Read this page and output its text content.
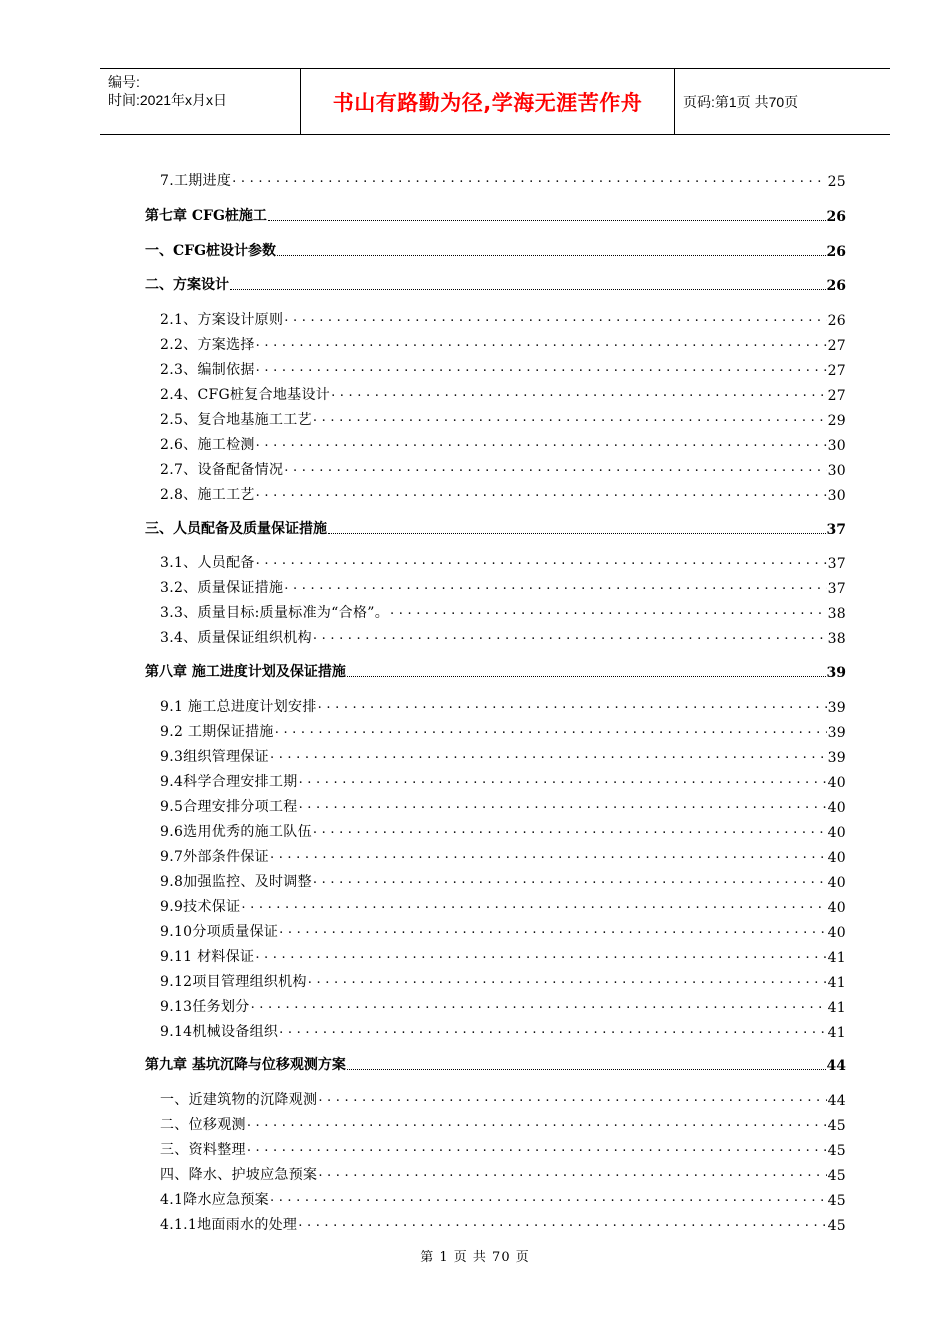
编号:
时间:2021年x月x日	书山有路勤为径,学海无涯苦作舟	页码:第1页 共70页
7.工期进度 .....	25
第七章 CFG桩施工	26
一、CFG桩设计参数	26
二、方案设计	26
2.1、方案设计原则 .....	26
2.2、方案选择 .....	27
2.3、编制依据 .....	27
2.4、CFG桩复合地基设计 .....	27
2.5、复合地基施工工艺 .....	29
2.6、施工检测 .....	30
2.7、设备配备情况 .....	30
2.8、施工工艺 .....	30
三、人员配备及质量保证措施	37
3.1、人员配备 .....	37
3.2、质量保证措施 .....	37
3.3、质量目标:质量标准为“合格”。 .....	38
3.4、质量保证组织机构 .....	38
第八章 施工进度计划及保证措施	39
9.1 施工总进度计划安排 .....	39
9.2 工期保证措施 .....	39
9.3组织管理保证 .....	39
9.4科学合理安排工期 .....	40
9.5合理安排分项工程 .....	40
9.6选用优秀的施工队伍 .....	40
9.7外部条件保证 .....	40
9.8加强监控、及时调整 .....	40
9.9技术保证 .....	40
9.10分项质量保证 .....	40
9.11 材料保证 .....	41
9.12项目管理组织机构 .....	41
9.13任务划分 .....	41
9.14机械设备组织 .....	41
第九章 基坑沉降与位移观测方案	44
一、近建筑物的沉降观测 .....	44
二、位移观测 .....	45
三、资料整理 .....	45
四、降水、护坡应急预案 .....	45
4.1降水应急预案 .....	45
4.1.1地面雨水的处理 .....	45
第 1 页 共 70 页
